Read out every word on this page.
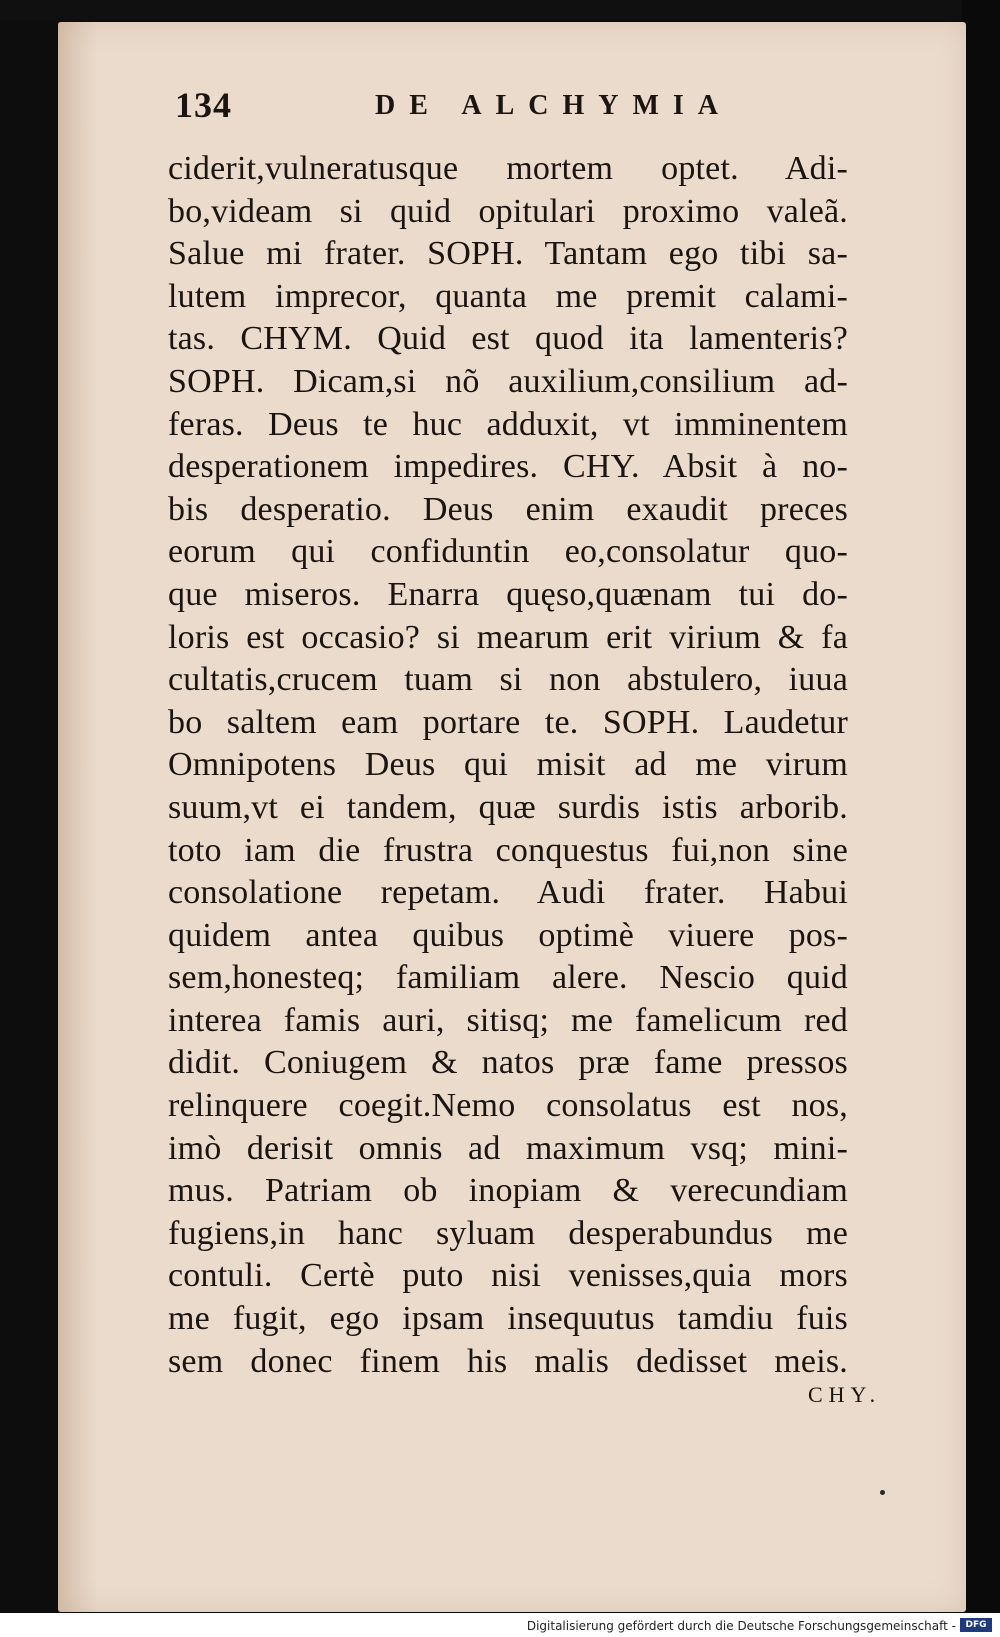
134	DE ALCHYMIA
ciderit,vulneratusque mortem optet. Adi-
bo,videam si quid opitulari proximo valeã.
Salue mi frater. SOPH. Tantam ego tibi sa-
lutem imprecor, quanta me premit calami-
tas. CHYM. Quid est quod ita lamenteris?
SOPH. Dicam,si nõ auxilium,consilium ad-
feras. Deus te huc adduxit, vt imminentem
desperationem impedires. CHY. Absit à no-
bis desperatio. Deus enim exaudit preces
eorum qui confiduntin eo,consolatur quo-
que miseros. Enarra quęso,quænam tui do-
loris est occasio? si mearum erit virium & fa
cultatis,crucem tuam si non abstulero, iuua
bo saltem eam portare te. SOPH. Laudetur
Omnipotens Deus qui misit ad me virum
suum,vt ei tandem, quæ surdis istis arborib.
toto iam die frustra conquestus fui,non sine
consolatione repetam. Audi frater. Habui
quidem antea quibus optimè viuere pos-
sem,honesteq; familiam alere. Nescio quid
interea famis auri, sitisq; me famelicum red
didit. Coniugem & natos præ fame pressos
relinquere coegit.Nemo consolatus est nos,
imò derisit omnis ad maximum vsq; mini-
mus. Patriam ob inopiam & verecundiam
fugiens,in hanc syluam desperabundus me
contuli. Certè puto nisi venisses,quia mors
me fugit, ego ipsam insequutus tamdiu fuis
sem donec finem his malis dedisset meis.
CHY.
Digitalisierung gefördert durch die Deutsche Forschungsgemeinschaft -	DFG
